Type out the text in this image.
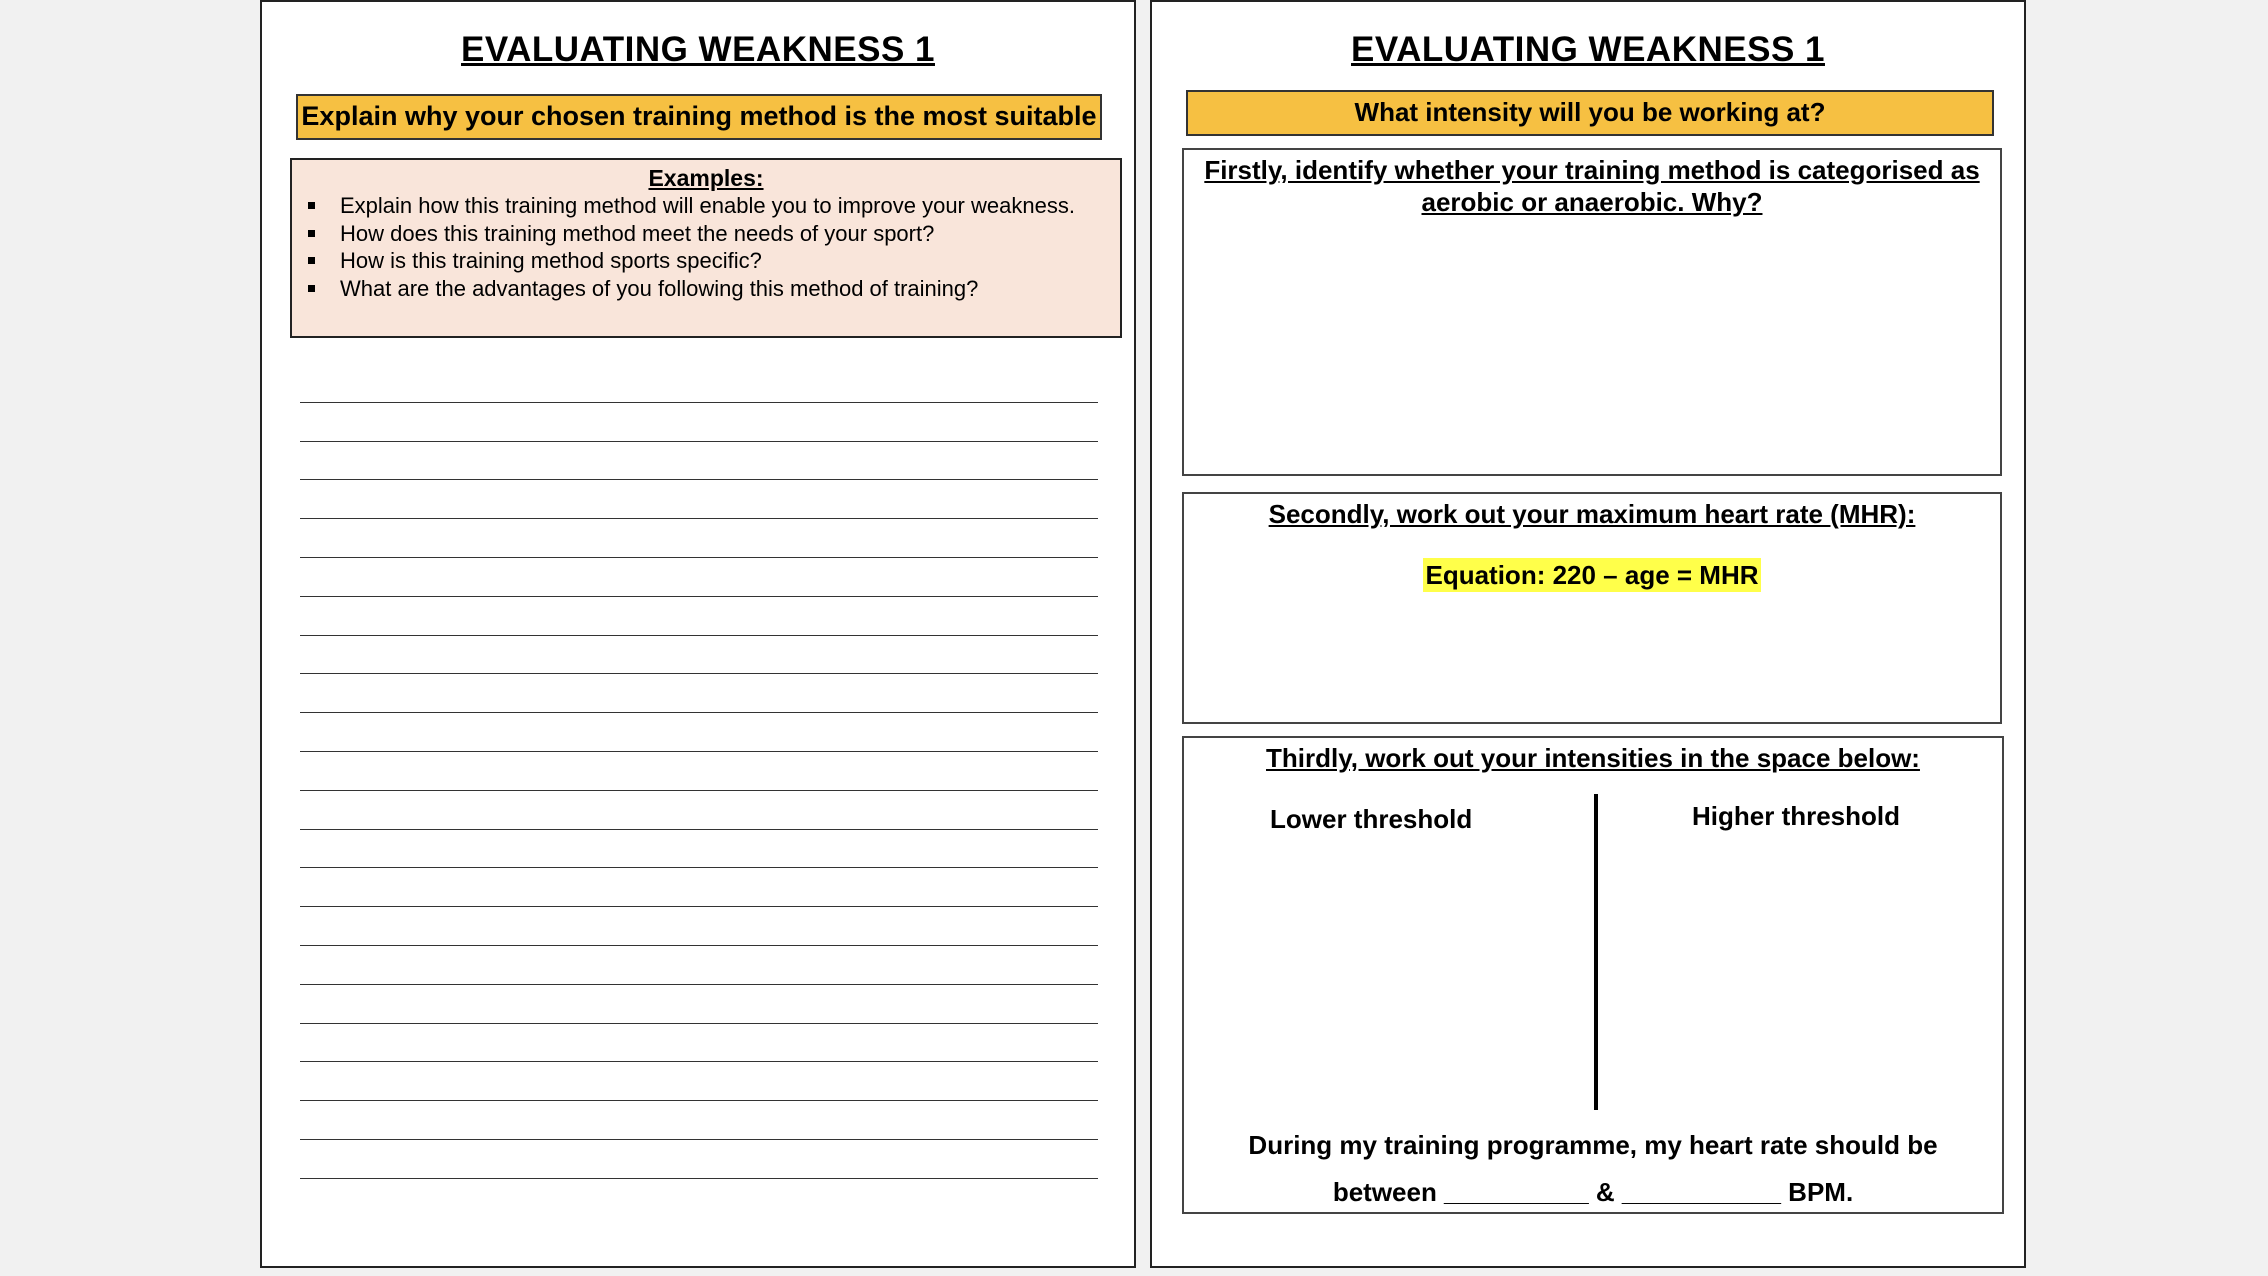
EVALUATING WEAKNESS 1
Explain why your chosen training method is the most suitable
Examples:
Explain how this training method will enable you to improve your weakness.
How does this training method meet the needs of your sport?
How is this training method sports specific?
What are the advantages of you following this method of training?
EVALUATING WEAKNESS 1
What intensity will you be working at?
Firstly, identify whether your training method is categorised as aerobic or anaerobic. Why?
Secondly, work out your maximum heart rate (MHR):
Equation: 220 – age = MHR
Thirdly, work out your intensities in the space below:
Lower threshold	Higher threshold
During my training programme, my heart rate should be
between __________ & ___________ BPM.
